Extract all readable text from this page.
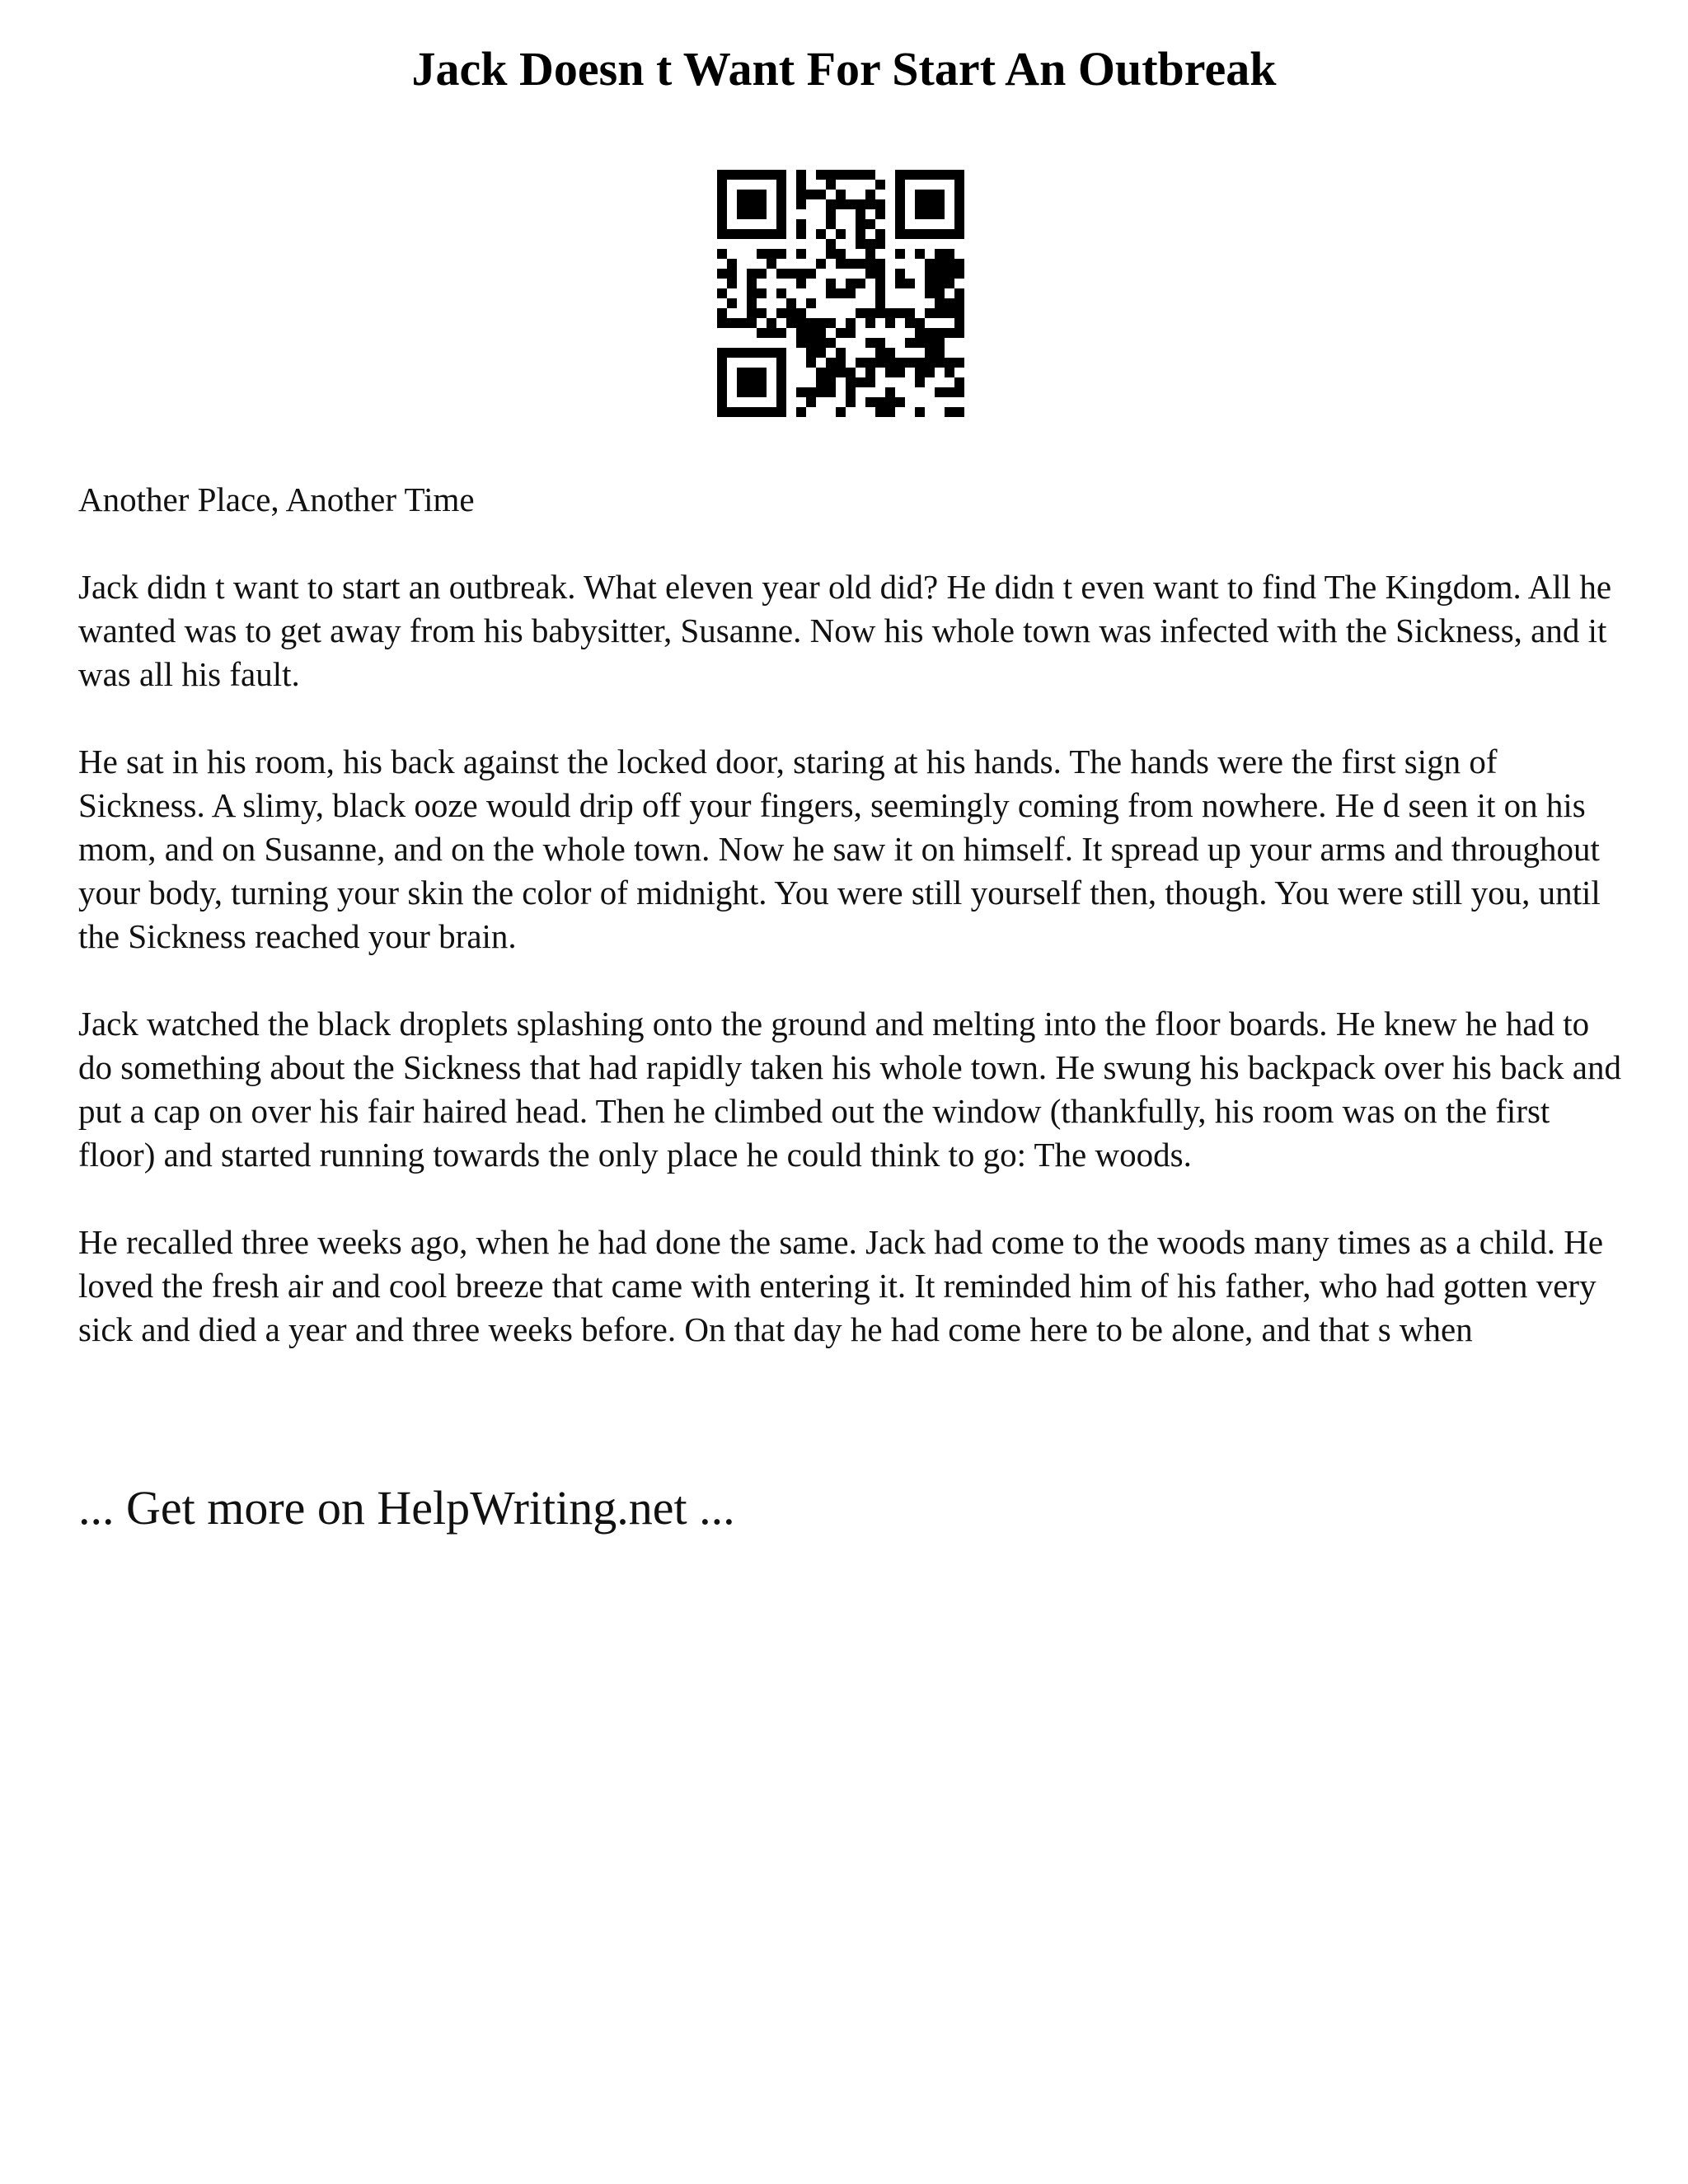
Jack Doesn t Want For Start An Outbreak

Another Place, Another Time

Jack didn t want to start an outbreak. What eleven year old did? He didn t even want to find The Kingdom. All he wanted was to get away from his babysitter, Susanne. Now his whole town was infected with the Sickness, and it was all his fault.

He sat in his room, his back against the locked door, staring at his hands. The hands were the first sign of Sickness. A slimy, black ooze would drip off your fingers, seemingly coming from nowhere. He d seen it on his mom, and on Susanne, and on the whole town. Now he saw it on himself. It spread up your arms and throughout your body, turning your skin the color of midnight. You were still yourself then, though. You were still you, until the Sickness reached your brain.

Jack watched the black droplets splashing onto the ground and melting into the floor boards. He knew he had to do something about the Sickness that had rapidly taken his whole town. He swung his backpack over his back and put a cap on over his fair haired head. Then he climbed out the window (thankfully, his room was on the first floor) and started running towards the only place he could think to go: The woods.

He recalled three weeks ago, when he had done the same. Jack had come to the woods many times as a child. He loved the fresh air and cool breeze that came with entering it. It reminded him of his father, who had gotten very sick and died a year and three weeks before. On that day he had come here to be alone, and that s when

... Get more on HelpWriting.net ...
